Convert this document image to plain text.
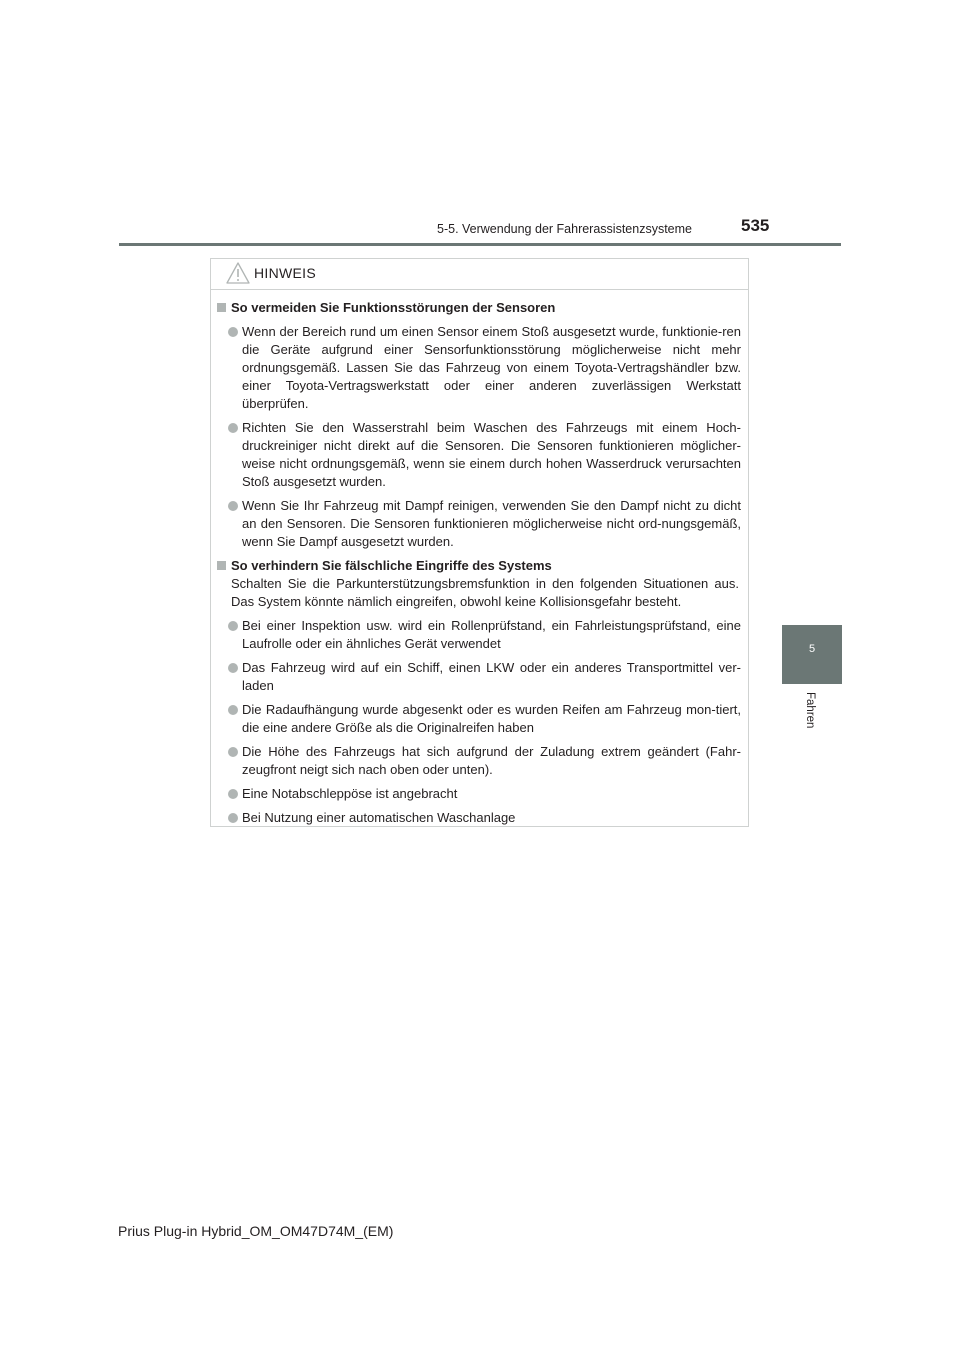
5-5. Verwendung der Fahrerassistenzsysteme	535
5
Fahren
HINWEIS
So vermeiden Sie Funktionsstörungen der Sensoren
Wenn der Bereich rund um einen Sensor einem Stoß ausgesetzt wurde, funktionie-ren die Geräte aufgrund einer Sensorfunktionsstörung möglicherweise nicht mehr ordnungsgemäß. Lassen Sie das Fahrzeug von einem Toyota-Vertragshändler bzw. einer Toyota-Vertragswerkstatt oder einer anderen zuverlässigen Werkstatt überprüfen.
Richten Sie den Wasserstrahl beim Waschen des Fahrzeugs mit einem Hoch-druckreiniger nicht direkt auf die Sensoren. Die Sensoren funktionieren möglicher-weise nicht ordnungsgemäß, wenn sie einem durch hohen Wasserdruck verursachten Stoß ausgesetzt wurden.
Wenn Sie Ihr Fahrzeug mit Dampf reinigen, verwenden Sie den Dampf nicht zu dicht an den Sensoren. Die Sensoren funktionieren möglicherweise nicht ord-nungsgemäß, wenn Sie Dampf ausgesetzt wurden.
So verhindern Sie fälschliche Eingriffe des Systems
Schalten Sie die Parkunterstützungsbremsfunktion in den folgenden Situationen aus. Das System könnte nämlich eingreifen, obwohl keine Kollisionsgefahr besteht.
Bei einer Inspektion usw. wird ein Rollenprüfstand, ein Fahrleistungsprüfstand, eine Laufrolle oder ein ähnliches Gerät verwendet
Das Fahrzeug wird auf ein Schiff, einen LKW oder ein anderes Transportmittel ver-laden
Die Radaufhängung wurde abgesenkt oder es wurden Reifen am Fahrzeug mon-tiert, die eine andere Größe als die Originalreifen haben
Die Höhe des Fahrzeugs hat sich aufgrund der Zuladung extrem geändert (Fahr-zeugfront neigt sich nach oben oder unten).
Eine Notabschleppöse ist angebracht
Bei Nutzung einer automatischen Waschanlage
Prius Plug-in Hybrid_OM_OM47D74M_(EM)
